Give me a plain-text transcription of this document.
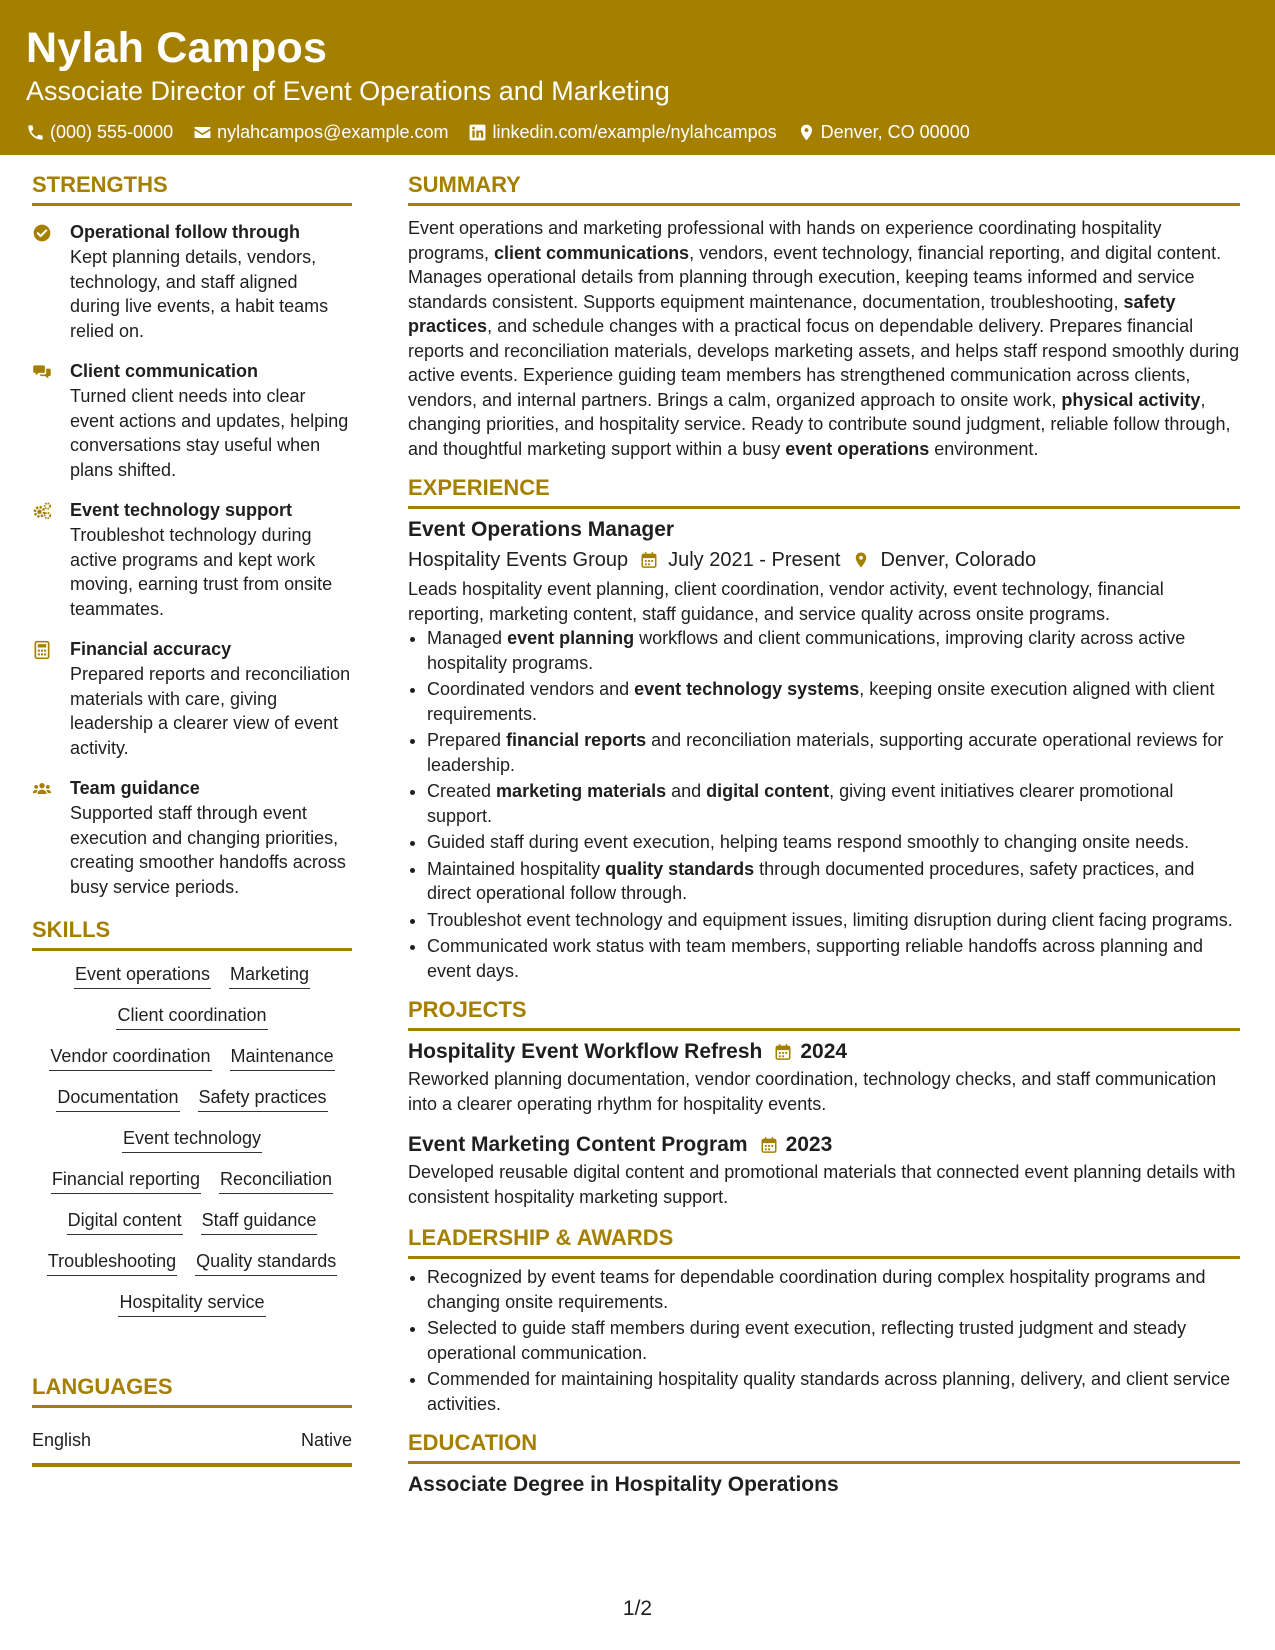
Nylah Campos
Associate Director of Event Operations and Marketing
(000) 555-0000 nylahcampos@example.com linkedin.com/example/nylahcampos Denver, CO 00000
STRENGTHS
Operational follow through
Kept planning details, vendors, technology, and staff aligned during live events, a habit teams relied on.
Client communication
Turned client needs into clear event actions and updates, helping conversations stay useful when plans shifted.
Event technology support
Troubleshot technology during active programs and kept work moving, earning trust from onsite teammates.
Financial accuracy
Prepared reports and reconciliation materials with care, giving leadership a clearer view of event activity.
Team guidance
Supported staff through event execution and changing priorities, creating smoother handoffs across busy service periods.
SKILLS
Event operations Marketing
Client coordination
Vendor coordination Maintenance
Documentation Safety practices
Event technology
Financial reporting Reconciliation
Digital content Staff guidance
Troubleshooting Quality standards
Hospitality service
LANGUAGES
English	Native
SUMMARY
Event operations and marketing professional with hands on experience coordinating hospitality programs, client communications, vendors, event technology, financial reporting, and digital content. Manages operational details from planning through execution, keeping teams informed and service standards consistent. Supports equipment maintenance, documentation, troubleshooting, safety practices, and schedule changes with a practical focus on dependable delivery. Prepares financial reports and reconciliation materials, develops marketing assets, and helps staff respond smoothly during active events. Experience guiding team members has strengthened communication across clients, vendors, and internal partners. Brings a calm, organized approach to onsite work, physical activity, changing priorities, and hospitality service. Ready to contribute sound judgment, reliable follow through, and thoughtful marketing support within a busy event operations environment.
EXPERIENCE
Event Operations Manager
Hospitality Events Group July 2021 - Present Denver, Colorado
Leads hospitality event planning, client coordination, vendor activity, event technology, financial reporting, marketing content, staff guidance, and service quality across onsite programs.
• Managed event planning workflows and client communications, improving clarity across active hospitality programs.
• Coordinated vendors and event technology systems, keeping onsite execution aligned with client requirements.
• Prepared financial reports and reconciliation materials, supporting accurate operational reviews for leadership.
• Created marketing materials and digital content, giving event initiatives clearer promotional support.
• Guided staff during event execution, helping teams respond smoothly to changing onsite needs.
• Maintained hospitality quality standards through documented procedures, safety practices, and direct operational follow through.
• Troubleshot event technology and equipment issues, limiting disruption during client facing programs.
• Communicated work status with team members, supporting reliable handoffs across planning and event days.
PROJECTS
Hospitality Event Workflow Refresh 2024
Reworked planning documentation, vendor coordination, technology checks, and staff communication into a clearer operating rhythm for hospitality events.
Event Marketing Content Program 2023
Developed reusable digital content and promotional materials that connected event planning details with consistent hospitality marketing support.
LEADERSHIP & AWARDS
• Recognized by event teams for dependable coordination during complex hospitality programs and changing onsite requirements.
• Selected to guide staff members during event execution, reflecting trusted judgment and steady operational communication.
• Commended for maintaining hospitality quality standards across planning, delivery, and client service activities.
EDUCATION
Associate Degree in Hospitality Operations
1/2
